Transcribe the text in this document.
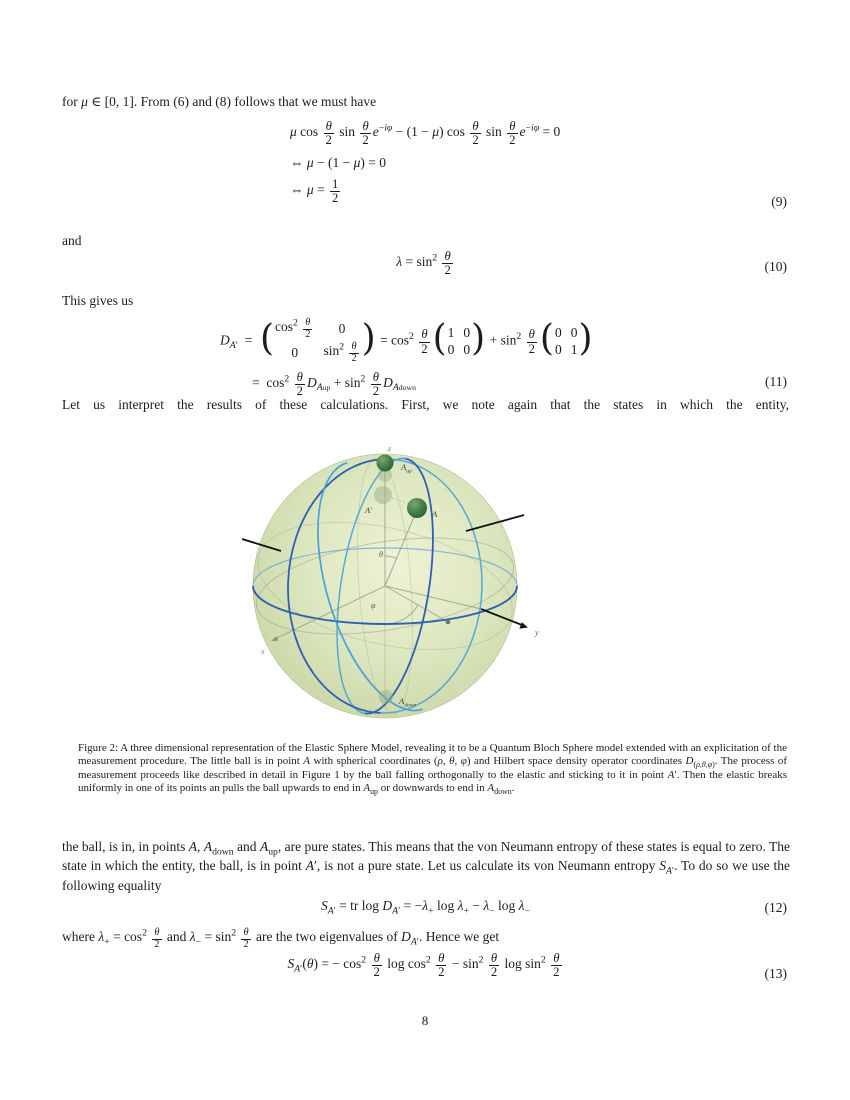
for μ ∈ [0, 1]. From (6) and (8) follows that we must have
μ $\cos \frac{\theta}{2}$ $\sin \frac{\theta}{2} e^{-i\varphi} - (1 - \mu)$ $\cos \frac{\theta}{2}$ $\sin \frac{\theta}{2} e^{-i\varphi} = 0$
⇔ μ − (1 − μ) = 0
⇔ $\mu = \frac{1}{2}$	(9)
and
$\lambda = \sin^2 \frac{\theta}{2}$	(10)
This gives us
$D_{A'}$  = ( $\cos^2 \frac{\theta}{2}$	0
0	$\sin^2 \frac{\theta}{2}$ ) = $\cos^2 \frac{\theta}{2}$ ( 1 0
0 0 ) + $\sin^2 \frac{\theta}{2}$ ( 0 0
0 1 )
=  $\cos^2 \frac{\theta}{2} D_{Aup} + \sin^2 \frac{\theta}{2} D_{Adown}$	(11)
Let us interpret the results of these calculations. First, we note again that the states in which the entity,
z
$A_{up}$
A′	A
θ
φ
x
y
$A_{down}$
Figure 2: A three dimensional representation of the Elastic Sphere Model, revealing it to be a Quantum Bloch Sphere model extended with an explicitation of the measurement procedure. The little ball is in point A with spherical coordinates (ρ, θ, φ) and Hilbert space density operator coordinates $D_{(\rho,\theta,\varphi)}$. The process of measurement proceeds like described in detail in Figure 1 by the ball falling orthogonally to the elastic and sticking to it in point A′. Then the elastic breaks uniformly in one of its points an pulls the ball upwards to end in $A_{up}$ or downwards to end in $A_{down}$.
the ball, is in, in points A, $A_{down}$ and $A_{up}$, are pure states. This means that the von Neumann entropy of these states is equal to zero. The state in which the entity, the ball, is in point A′, is not a pure state. Let us calculate its von Neumann entropy $S_{A'}$. To do so we use the following equality
$S_{A'}$ = tr $\log D_{A'} = -\lambda_+$ $\log \lambda_+ - \lambda_-$ $\log \lambda_-$	(12)
where $\lambda_+ = \cos^2 \frac{\theta}{2}$ and $\lambda_- = \sin^2 \frac{\theta}{2}$ are the two eigenvalues of $D_{A'}$. Hence we get
$S_{A'}(\theta)$ = − $\cos^2 \frac{\theta}{2}$ $\log \cos^2 \frac{\theta}{2} - \sin^2 \frac{\theta}{2}$ $\log \sin^2 \frac{\theta}{2}$	(13)
8
